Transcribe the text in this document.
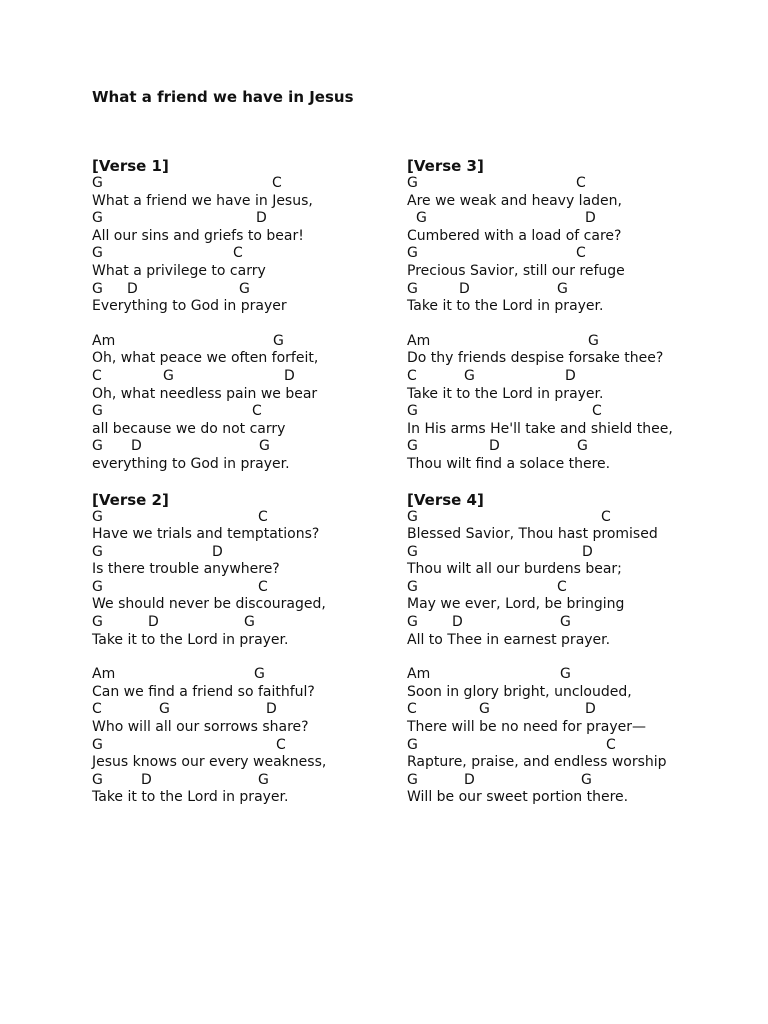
What a friend we have in Jesus
[Verse 1]
G	C
What a friend we have in Jesus,
G	D
All our sins and griefs to bear!
G	C
What a privilege to carry
G D	G
Everything to God in prayer
Am	G
Oh, what peace we often forfeit,
C	G	D
Oh, what needless pain we bear
G	C
all because we do not carry
G D	G
everything to God in prayer.
[Verse 2]
G	C
Have we trials and temptations?
G	D
Is there trouble anywhere?
G	C
We should never be discouraged,
G	D	G
Take it to the Lord in prayer.
Am	G
Can we find a friend so faithful?
C	G	D
Who will all our sorrows share?
G	C
Jesus knows our every weakness,
G	D	G
Take it to the Lord in prayer.
[Verse 3]
G	C
Are we weak and heavy laden,
G	D
Cumbered with a load of care?
G	C
Precious Savior, still our refuge
G	D	G
Take it to the Lord in prayer.
Am	G
Do thy friends despise forsake thee?
C	G	D
Take it to the Lord in prayer.
G	C
In His arms He'll take and shield thee,
G	D	G
Thou wilt find a solace there.
[Verse 4]
G	C
Blessed Savior, Thou hast promised
G	D
Thou wilt all our burdens bear;
G	C
May we ever, Lord, be bringing
G D	G
All to Thee in earnest prayer.
Am	G
Soon in glory bright, unclouded,
C	G	D
There will be no need for prayer—
G	C
Rapture, praise, and endless worship
G	D	G
Will be our sweet portion there.
